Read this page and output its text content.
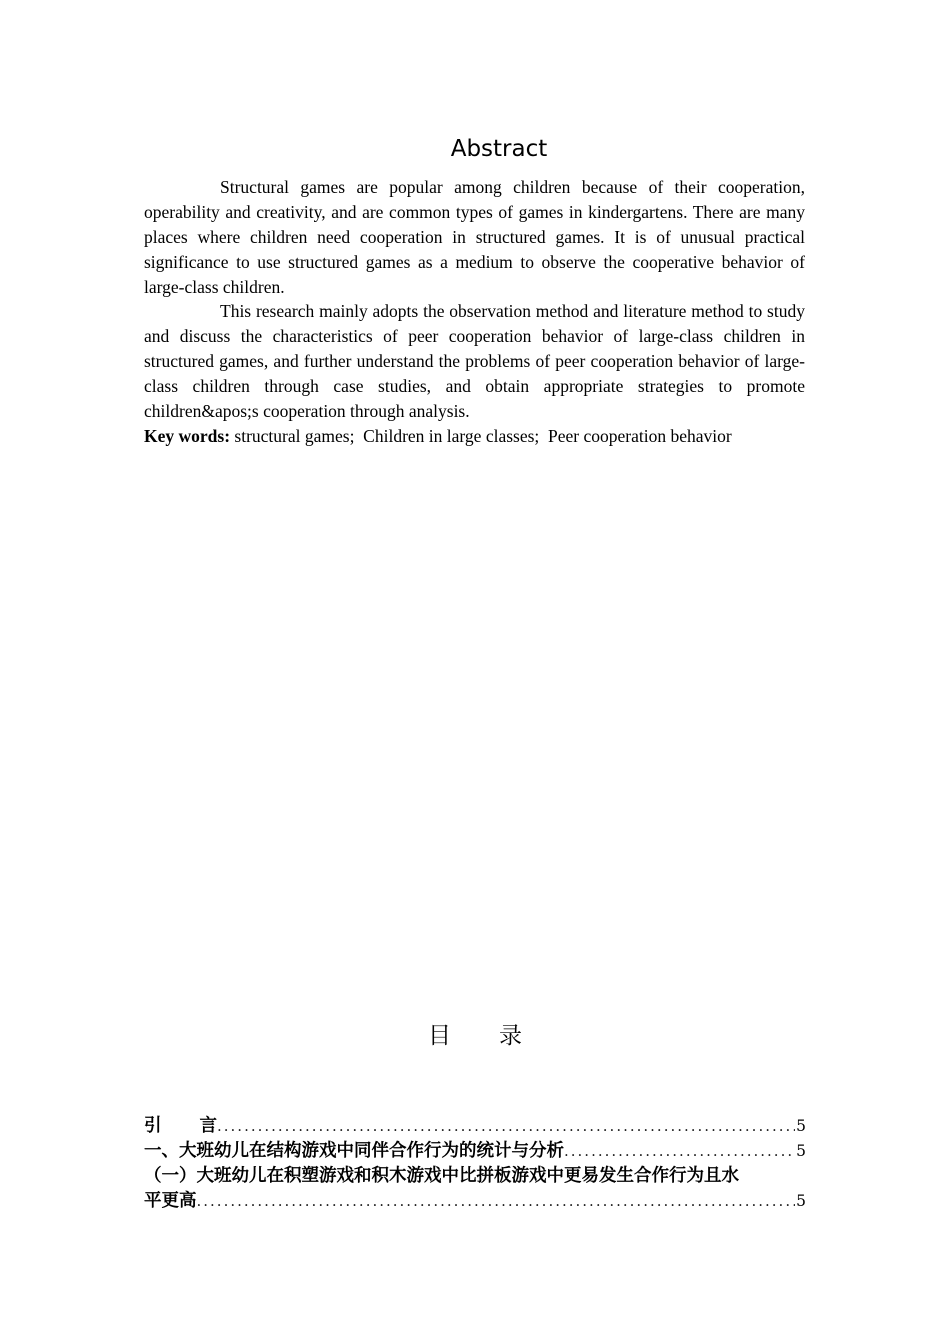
Abstract

Structural games are popular among children because of their cooperation, operability and creativity, and are common types of games in kindergartens. There are many places where children need cooperation in structured games. It is of unusual practical significance to use structured games as a medium to observe the cooperative behavior of large-class children.

This research mainly adopts the observation method and literature method to study and discuss the characteristics of peer cooperation behavior of large-class children in structured games, and further understand the problems of peer cooperation behavior of large-class children through case studies, and obtain appropriate strategies to promote children&apos;s cooperation through analysis.

Key words: structural games;  Children in large classes;  Peer cooperation behavior
目 录
引 言 .....	5
一、大班幼儿在结构游戏中同伴合作行为的统计与分析 .....	5
（一）大班幼儿在积塑游戏和积木游戏中比拼板游戏中更易发生合作行为且水
平更高 .....	5
